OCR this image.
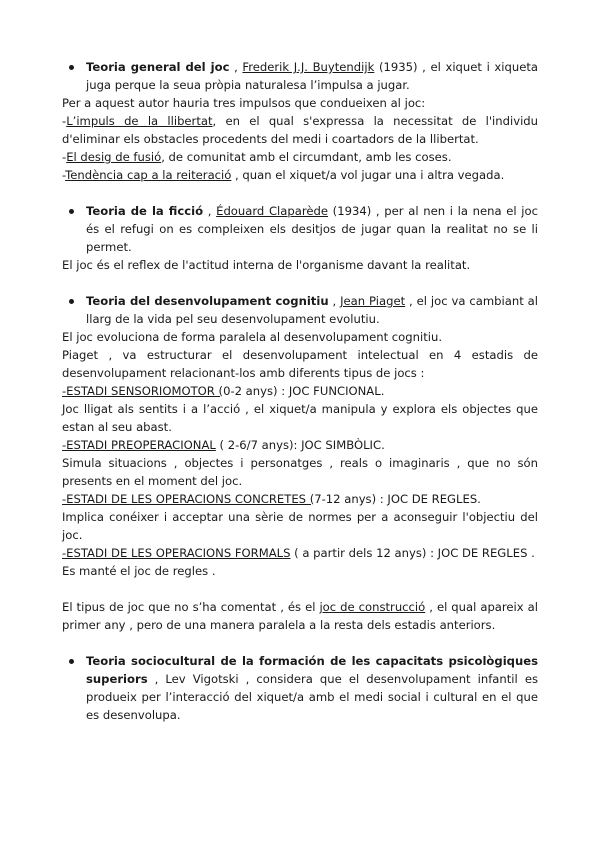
Teoria general del joc , Frederik J.J. Buytendijk (1935) , el xiquet i xiqueta juga perque la seua pròpia naturalesa l’impulsa a jugar.

Per a aquest autor hauria tres impulsos que condueixen al joc:

-L’impuls de la llibertat, en el qual s'expressa la necessitat de l'individu d'eliminar els obstacles procedents del medi i coartadors de la llibertat.

-El desig de fusió, de comunitat amb el circumdant, amb les coses.

-Tendència cap a la reiteració , quan el xiquet/a vol jugar una i altra vegada.

Teoria de la ficció , Édouard Claparède (1934) , per al nen i la nena el joc és el refugi on es compleixen els desitjos de jugar quan la realitat no se li permet.

El joc és el reflex de l'actitud interna de l'organisme davant la realitat.

Teoria del desenvolupament cognitiu , Jean Piaget , el joc va cambiant al llarg de la vida pel seu desenvolupament evolutiu.

El joc evoluciona de forma paralela al desenvolupament cognitiu.

Piaget , va estructurar el desenvolupament intelectual en 4 estadis de desenvolupament relacionant-los amb diferents tipus de jocs :

-ESTADI SENSORIOMOTOR (0-2 anys) : JOC FUNCIONAL.

Joc lligat als sentits i a l’acció , el xiquet/a manipula y explora els objectes que estan al seu abast.

-ESTADI PREOPERACIONAL ( 2-6/7 anys): JOC SIMBÒLIC.

Simula situacions , objectes i personatges , reals o imaginaris , que no són presents en el moment del joc.

-ESTADI DE LES OPERACIONS CONCRETES (7-12 anys) : JOC DE REGLES.

Implica conéixer i acceptar una sèrie de normes per a aconseguir l'objectiu del joc.

-ESTADI DE LES OPERACIONS FORMALS ( a partir dels 12 anys) : JOC DE REGLES .

Es manté el joc de regles .

El tipus de joc que no s’ha comentat , és el joc de construcció , el qual apareix al primer any , pero de una manera paralela a la resta dels estadis anteriors.

Teoria sociocultural de la formación de les capacitats psicològiques superiors , Lev Vigotski , considera que el desenvolupament infantil es produeix per l’interacció del xiquet/a amb el medi social i cultural en el que es desenvolupa.
